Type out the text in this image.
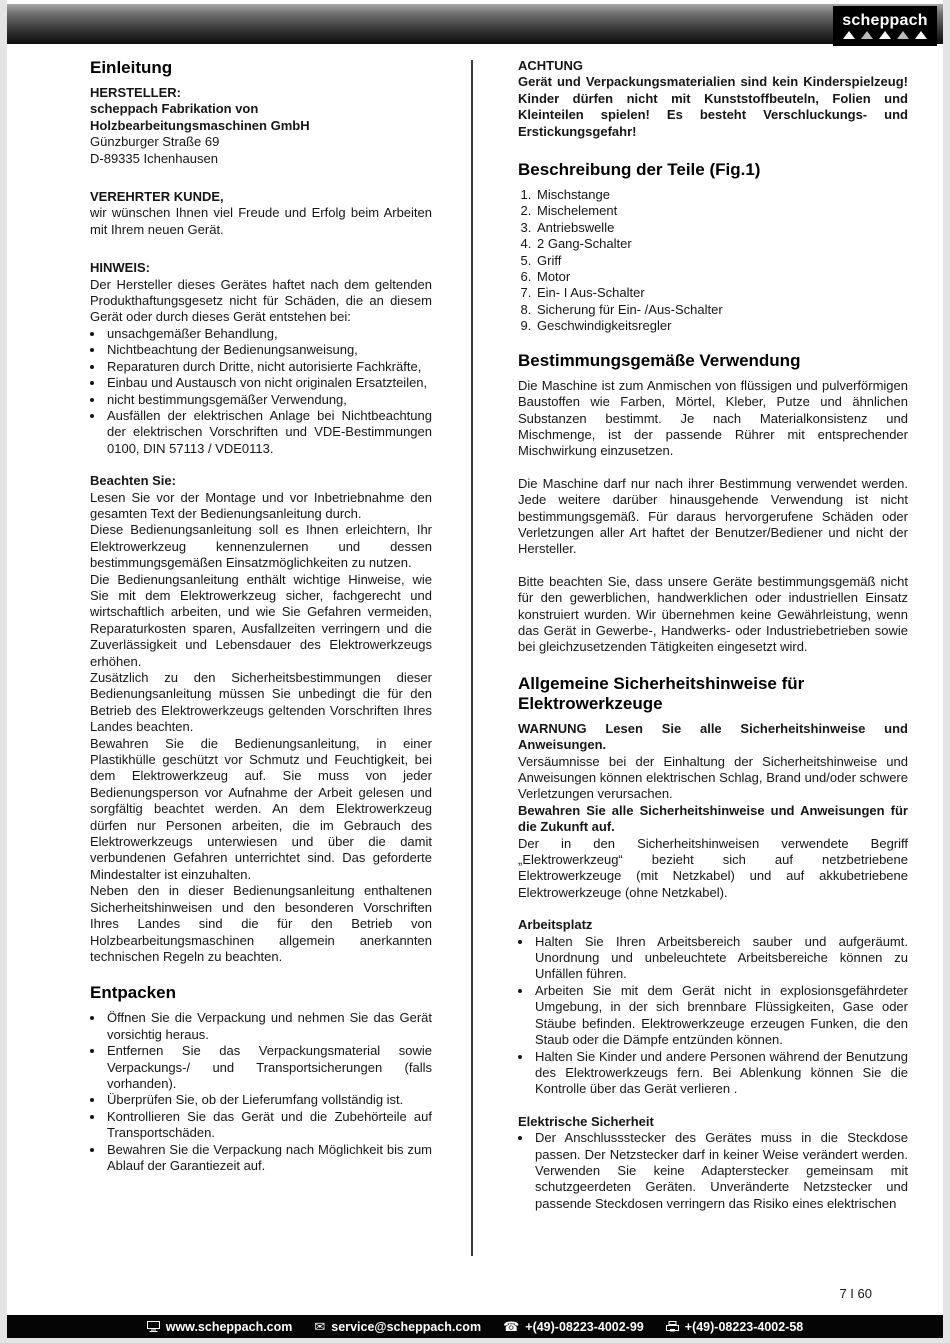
scheppach
Einleitung

HERSTELLER:

scheppach Fabrikation von

Holzbearbeitungsmaschinen GmbH

Günzburger Straße 69

D-89335 Ichenhausen

VEREHRTER KUNDE,

wir wünschen Ihnen viel Freude und Erfolg beim Arbeiten mit Ihrem neuen Gerät.

HINWEIS:

Der Hersteller dieses Gerätes haftet nach dem geltenden Produkthaftungsgesetz nicht für Schäden, die an diesem Gerät oder durch dieses Gerät entstehen bei:

• unsachgemäßer Behandlung,
• Nichtbeachtung der Bedienungsanweisung,
• Reparaturen durch Dritte, nicht autorisierte Fachkräfte,
• Einbau und Austausch von nicht originalen Ersatzteilen,
• nicht bestimmungsgemäßer Verwendung,
• Ausfällen der elektrischen Anlage bei Nichtbeachtung der elektrischen Vorschriften und VDE-Bestimmungen 0100, DIN 57113 / VDE0113.

Beachten Sie:

Lesen Sie vor der Montage und vor Inbetriebnahme den gesamten Text der Bedienungsanleitung durch.

Diese Bedienungsanleitung soll es Ihnen erleichtern, Ihr Elektrowerkzeug kennenzulernen und dessen bestimmungsgemäßen Einsatzmöglichkeiten zu nutzen.

Die Bedienungsanleitung enthält wichtige Hinweise, wie Sie mit dem Elektrowerkzeug sicher, fachgerecht und wirtschaftlich arbeiten, und wie Sie Gefahren vermeiden, Reparaturkosten sparen, Ausfallzeiten verringern und die Zuverlässigkeit und Lebensdauer des Elektrowerkzeugs erhöhen.

Zusätzlich zu den Sicherheitsbestimmungen dieser Bedienungsanleitung müssen Sie unbedingt die für den Betrieb des Elektrowerkzeugs geltenden Vorschriften Ihres Landes beachten.

Bewahren Sie die Bedienungsanleitung, in einer Plastikhülle geschützt vor Schmutz und Feuchtigkeit, bei dem Elektrowerkzeug auf. Sie muss von jeder Bedienungsperson vor Aufnahme der Arbeit gelesen und sorgfältig beachtet werden. An dem Elektrowerkzeug dürfen nur Personen arbeiten, die im Gebrauch des Elektrowerkzeugs unterwiesen und über die damit verbundenen Gefahren unterrichtet sind. Das geforderte Mindestalter ist einzuhalten.

Neben den in dieser Bedienungsanleitung enthaltenen Sicherheitshinweisen und den besonderen Vorschriften Ihres Landes sind die für den Betrieb von Holzbearbeitungsmaschinen allgemein anerkannten technischen Regeln zu beachten.

Entpacken
• Öffnen Sie die Verpackung und nehmen Sie das Gerät vorsichtig heraus.
• Entfernen Sie das Verpackungsmaterial sowie Verpackungs-/ und Transportsicherungen (falls vorhanden).
• Überprüfen Sie, ob der Lieferumfang vollständig ist.
• Kontrollieren Sie das Gerät und die Zubehörteile auf Transportschäden.
• Bewahren Sie die Verpackung nach Möglichkeit bis zum Ablauf der Garantiezeit auf.

ACHTUNG

Gerät und Verpackungsmaterialien sind kein Kinderspielzeug! Kinder dürfen nicht mit Kunststoffbeuteln, Folien und Kleinteilen spielen! Es besteht Verschluckungs- und Erstickungsgefahr!

Beschreibung der Teile (Fig.1)
1. Mischstange
2. Mischelement
3. Antriebswelle
4. 2 Gang-Schalter
5. Griff
6. Motor
7. Ein- I Aus-Schalter
8. Sicherung für Ein- /Aus-Schalter
9. Geschwindigkeitsregler
Bestimmungsgemäße Verwendung

Die Maschine ist zum Anmischen von flüssigen und pulverförmigen Baustoffen wie Farben, Mörtel, Kleber, Putze und ähnlichen Substanzen bestimmt. Je nach Materialkonsistenz und Mischmenge, ist der passende Rührer mit entsprechender Mischwirkung einzusetzen.

Die Maschine darf nur nach ihrer Bestimmung verwendet werden. Jede weitere darüber hinausgehende Verwendung ist nicht bestimmungsgemäß. Für daraus hervorgerufene Schäden oder Verletzungen aller Art haftet der Benutzer/Bediener und nicht der Hersteller.

Bitte beachten Sie, dass unsere Geräte bestimmungsgemäß nicht für den gewerblichen, handwerklichen oder industriellen Einsatz konstruiert wurden. Wir übernehmen keine Gewährleistung, wenn das Gerät in Gewerbe-, Handwerks- oder Industriebetrieben sowie bei gleichzusetzenden Tätigkeiten eingesetzt wird.

Allgemeine Sicherheitshinweise für Elektrowerkzeuge

WARNUNG Lesen Sie alle Sicherheitshinweise und Anweisungen.

Versäumnisse bei der Einhaltung der Sicherheitshinweise und Anweisungen können elektrischen Schlag, Brand und/oder schwere Verletzungen verursachen.

Bewahren Sie alle Sicherheitshinweise und Anweisungen für die Zukunft auf.

Der in den Sicherheitshinweisen verwendete Begriff „Elektrowerkzeug“ bezieht sich auf netzbetriebene Elektrowerkzeuge (mit Netzkabel) und auf akkubetriebene Elektrowerkzeuge (ohne Netzkabel).

Arbeitsplatz

• Halten Sie Ihren Arbeitsbereich sauber und aufgeräumt. Unordnung und unbeleuchtete Arbeitsbereiche können zu Unfällen führen.
• Arbeiten Sie mit dem Gerät nicht in explosionsgefährdeter Umgebung, in der sich brennbare Flüssigkeiten, Gase oder Stäube befinden. Elektrowerkzeuge erzeugen Funken, die den Staub oder die Dämpfe entzünden können.
• Halten Sie Kinder und andere Personen während der Benutzung des Elektrowerkzeugs fern. Bei Ablenkung können Sie die Kontrolle über das Gerät verlieren .

Elektrische Sicherheit

• Der Anschlussstecker des Gerätes muss in die Steckdose passen. Der Netzstecker darf in keiner Weise verändert werden. Verwenden Sie keine Adapterstecker gemeinsam mit schutzgeerdeten Geräten. Unveränderte Netzstecker und passende Steckdosen verringern das Risiko eines elektrischen
7 I 60
www.scheppach.com ✉ service@scheppach.com ☎ +(49)-08223-4002-99	+(49)-08223-4002-58
